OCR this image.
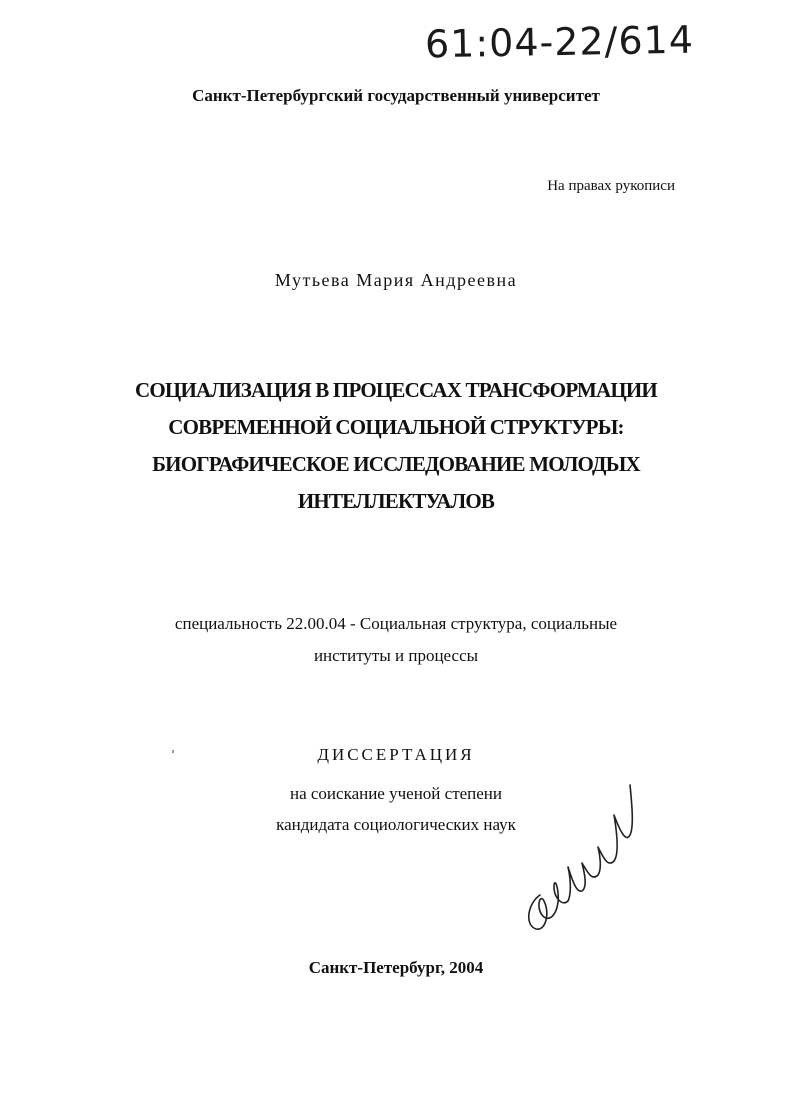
61:04-22/614

Санкт-Петербургский государственный университет

На правах рукописи

Мутьева Мария Андреевна

СОЦИАЛИЗАЦИЯ В ПРОЦЕССАХ ТРАНСФОРМАЦИИ
СОВРЕМЕННОЙ СОЦИАЛЬНОЙ СТРУКТУРЫ:
БИОГРАФИЧЕСКОЕ ИССЛЕДОВАНИЕ МОЛОДЫХ
ИНТЕЛЛЕКТУАЛОВ
специальность 22.00.04 - Социальная структура, социальные
институты и процессы

ДИССЕРТАЦИЯ

на соискание ученой степени
кандидата социологических наук

Санкт-Петербург, 2004
